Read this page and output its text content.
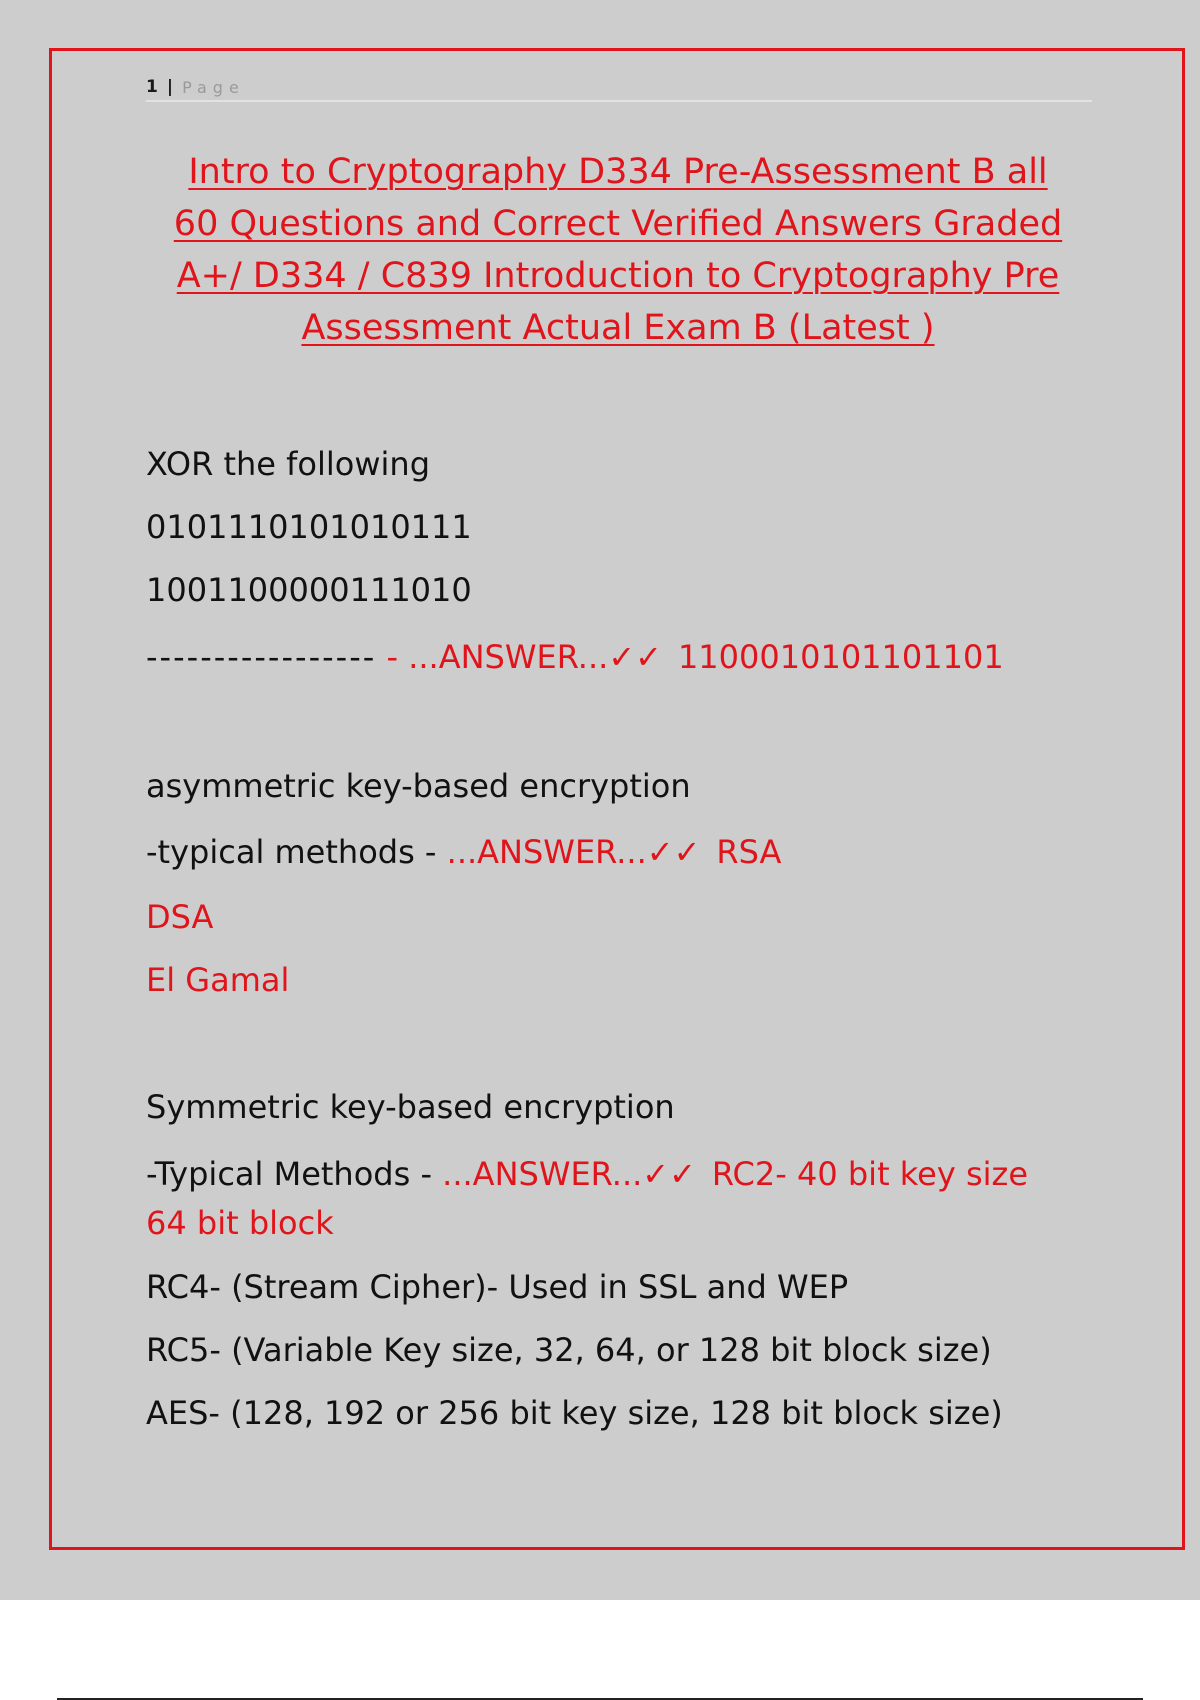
1 | Page
Intro to Cryptography D334 Pre-Assessment B all
60 Questions and Correct Verified Answers Graded
A+/ D334 / C839 Introduction to Cryptography Pre
Assessment Actual Exam B (Latest )
XOR the following
0101110101010111
1001100000111010
----------------- - ...ANSWER...✓✓ 1100010101101101
asymmetric key-based encryption
-typical methods - ...ANSWER...✓✓ RSA
DSA
El Gamal
Symmetric key-based encryption
-Typical Methods - ...ANSWER...✓✓ RC2- 40 bit key size
64 bit block
RC4- (Stream Cipher)- Used in SSL and WEP
RC5- (Variable Key size, 32, 64, or 128 bit block size)
AES- (128, 192 or 256 bit key size, 128 bit block size)
